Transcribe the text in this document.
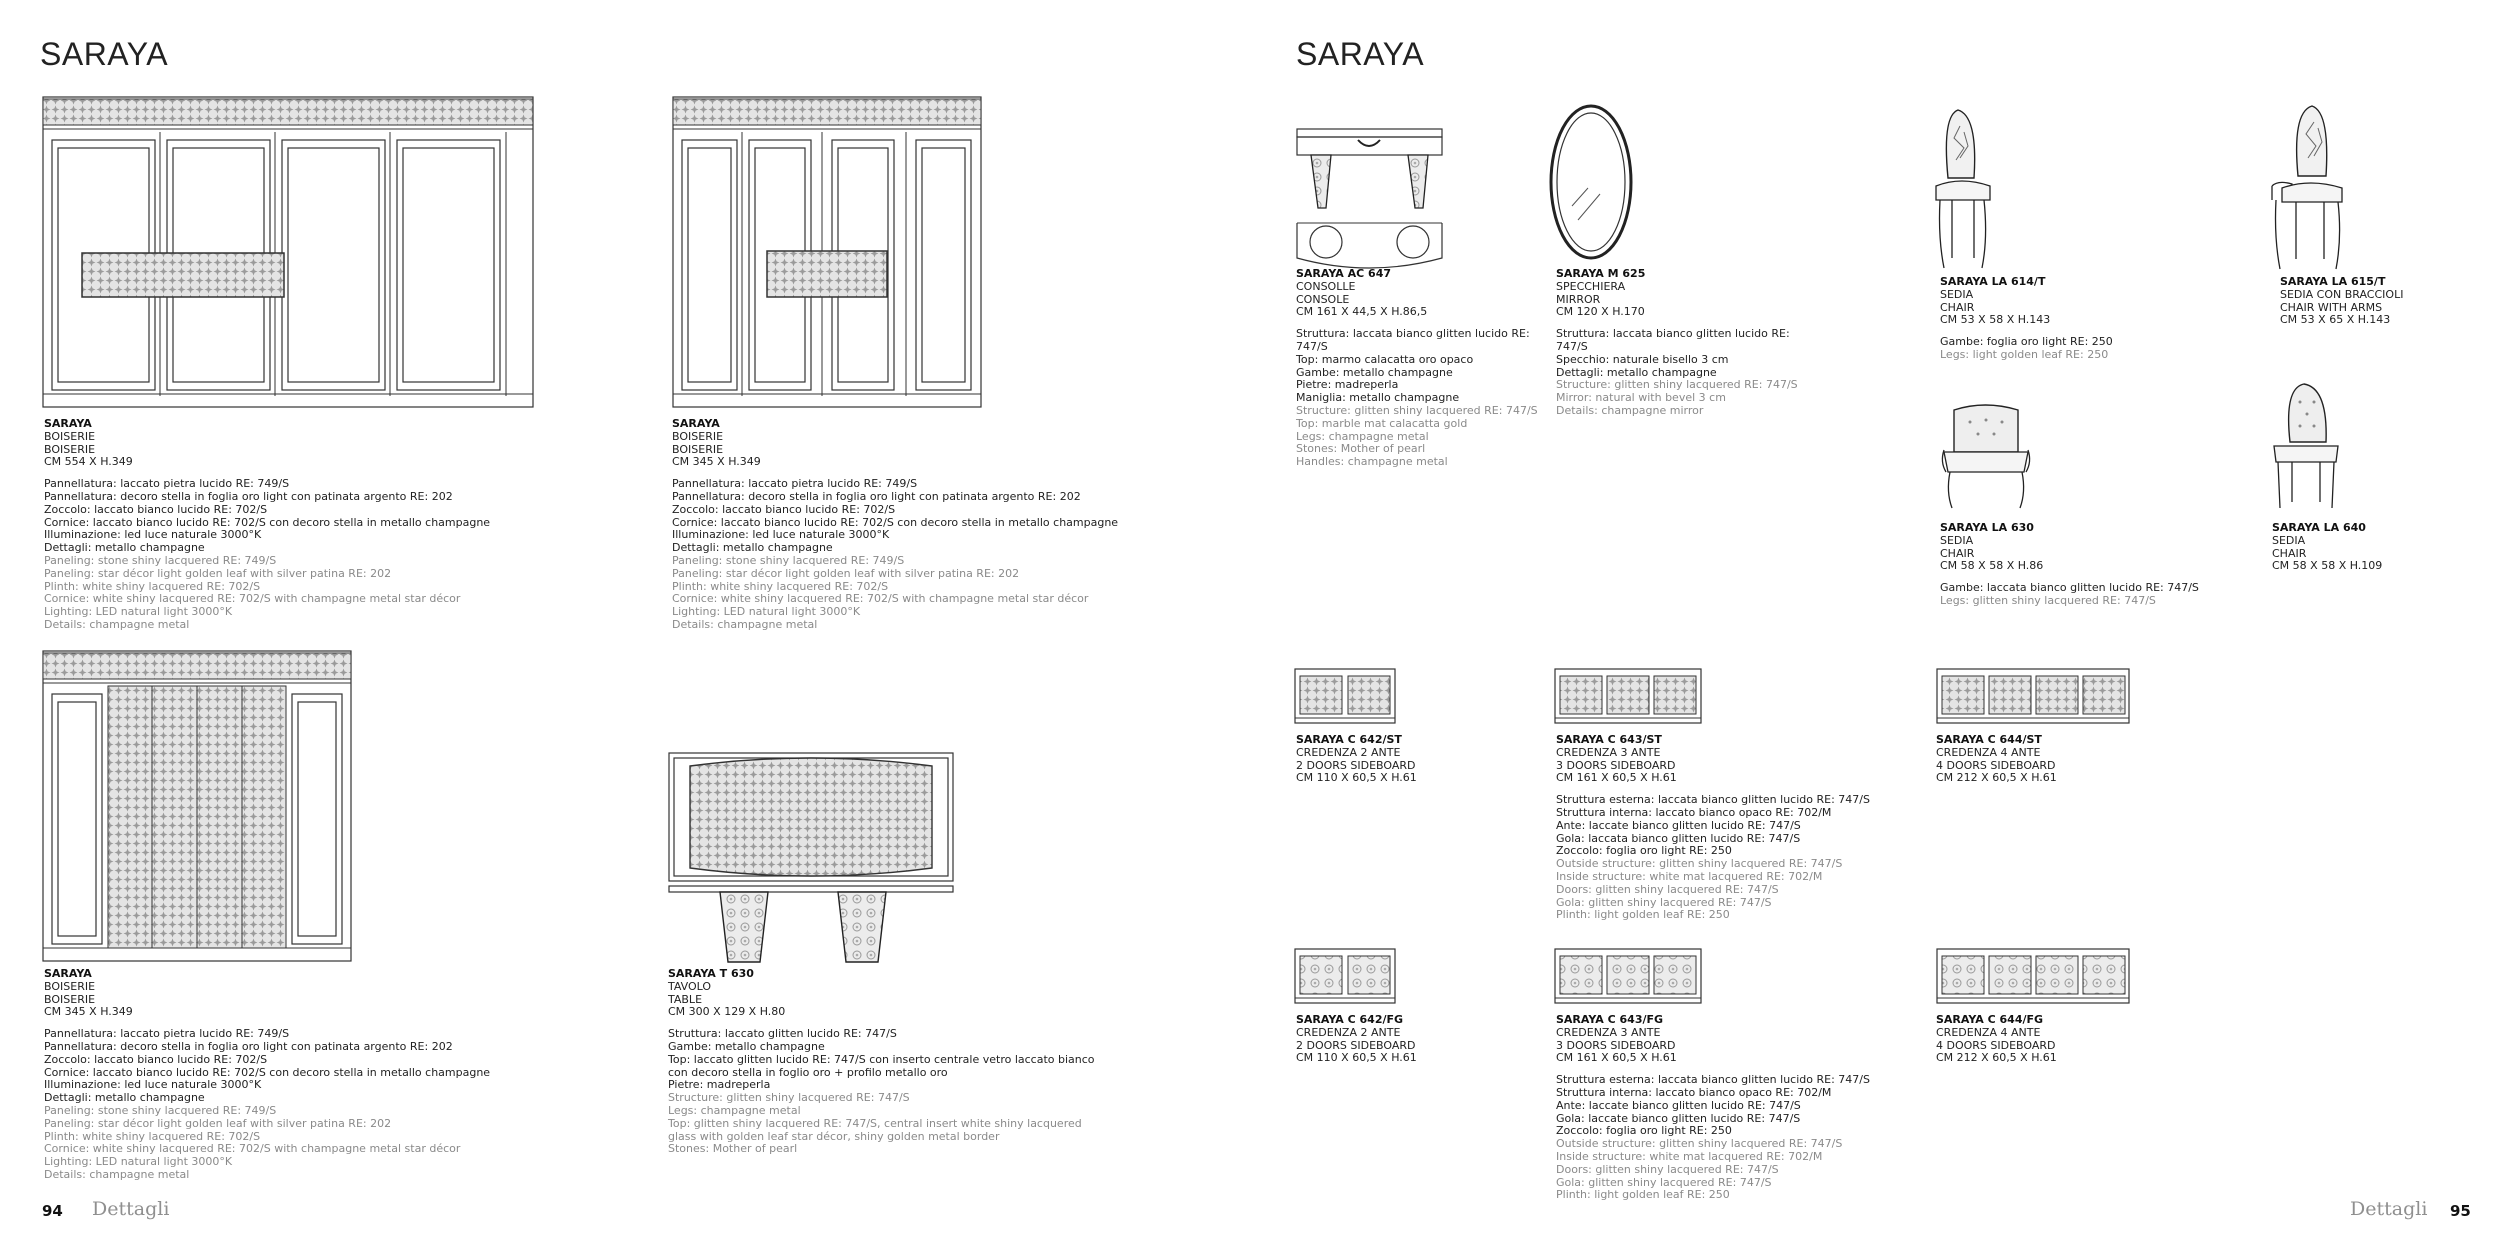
SARAYA
SARAYA
BOISERIE
BOISERIE
CM 554 X H.349
Pannellatura: laccato pietra lucido RE: 749/S
Pannellatura: decoro stella in foglia oro light con patinata argento RE: 202
Zoccolo: laccato bianco lucido RE: 702/S
Cornice: laccato bianco lucido RE: 702/S con decoro stella in metallo champagne
Illuminazione: led luce naturale 3000°K
Dettagli: metallo champagne
Paneling: stone shiny lacquered RE: 749/S
Paneling: star décor light golden leaf with silver patina RE: 202
Plinth: white shiny lacquered RE: 702/S
Cornice: white shiny lacquered RE: 702/S with champagne metal star décor
Lighting: LED natural light 3000°K
Details: champagne metal
SARAYA
BOISERIE
BOISERIE
CM 345 X H.349
Pannellatura: laccato pietra lucido RE: 749/S
Pannellatura: decoro stella in foglia oro light con patinata argento RE: 202
Zoccolo: laccato bianco lucido RE: 702/S
Cornice: laccato bianco lucido RE: 702/S con decoro stella in metallo champagne
Illuminazione: led luce naturale 3000°K
Dettagli: metallo champagne
Paneling: stone shiny lacquered RE: 749/S
Paneling: star décor light golden leaf with silver patina RE: 202
Plinth: white shiny lacquered RE: 702/S
Cornice: white shiny lacquered RE: 702/S with champagne metal star décor
Lighting: LED natural light 3000°K
Details: champagne metal
SARAYA
BOISERIE
BOISERIE
CM 345 X H.349
Pannellatura: laccato pietra lucido RE: 749/S
Pannellatura: decoro stella in foglia oro light con patinata argento RE: 202
Zoccolo: laccato bianco lucido RE: 702/S
Cornice: laccato bianco lucido RE: 702/S con decoro stella in metallo champagne
Illuminazione: led luce naturale 3000°K
Dettagli: metallo champagne
Paneling: stone shiny lacquered RE: 749/S
Paneling: star décor light golden leaf with silver patina RE: 202
Plinth: white shiny lacquered RE: 702/S
Cornice: white shiny lacquered RE: 702/S with champagne metal star décor
Lighting: LED natural light 3000°K
Details: champagne metal
SARAYA T 630
TAVOLO
TABLE
CM 300 X 129 X H.80
Struttura: laccato glitten lucido RE: 747/S
Gambe: metallo champagne
Top: laccato glitten lucido RE: 747/S con inserto centrale vetro laccato bianco
con decoro stella in foglio oro + profilo metallo oro
Pietre: madreperla
Structure: glitten shiny lacquered RE: 747/S
Legs: champagne metal
Top: glitten shiny lacquered RE: 747/S, central insert white shiny lacquered
glass with golden leaf star décor, shiny golden metal border
Stones: Mother of pearl
94 Dettagli
SARAYA
SARAYA AC 647
CONSOLLE
CONSOLE
CM 161 X 44,5 X H.86,5
Struttura: laccata bianco glitten lucido RE: 747/S
Top: marmo calacatta oro opaco
Gambe: metallo champagne
Pietre: madreperla
Maniglia: metallo champagne
Structure: glitten shiny lacquered RE: 747/S
Top: marble mat calacatta gold
Legs: champagne metal
Stones: Mother of pearl
Handles: champagne metal
SARAYA M 625
SPECCHIERA
MIRROR
CM 120 X H.170
Struttura: laccata bianco glitten lucido RE: 747/S
Specchio: naturale bisello 3 cm
Dettagli: metallo champagne
Structure: glitten shiny lacquered RE: 747/S
Mirror: natural with bevel 3 cm
Details: champagne mirror
SARAYA LA 614/T
SEDIA
CHAIR
CM 53 X 58 X H.143
Gambe: foglia oro light RE: 250
Legs: light golden leaf RE: 250
SARAYA LA 615/T
SEDIA CON BRACCIOLI
CHAIR WITH ARMS
CM 53 X 65 X H.143
SARAYA LA 630
SEDIA
CHAIR
CM 58 X 58 X H.86
Gambe: laccata bianco glitten lucido RE: 747/S
Legs: glitten shiny lacquered RE: 747/S
SARAYA LA 640
SEDIA
CHAIR
CM 58 X 58 X H.109
SARAYA C 642/ST
CREDENZA 2 ANTE
2 DOORS SIDEBOARD
CM 110 X 60,5 X H.61
SARAYA C 643/ST
CREDENZA 3 ANTE
3 DOORS SIDEBOARD
CM 161 X 60,5 X H.61
Struttura esterna: laccata bianco glitten lucido RE: 747/S
Struttura interna: laccato bianco opaco RE: 702/M
Ante: laccate bianco glitten lucido RE: 747/S
Gola: laccata bianco glitten lucido RE: 747/S
Zoccolo: foglia oro light RE: 250
Outside structure: glitten shiny lacquered RE: 747/S
Inside structure: white mat lacquered RE: 702/M
Doors: glitten shiny lacquered RE: 747/S
Gola: glitten shiny lacquered RE: 747/S
Plinth: light golden leaf RE: 250
SARAYA C 644/ST
CREDENZA 4 ANTE
4 DOORS SIDEBOARD
CM 212 X 60,5 X H.61
SARAYA C 642/FG
CREDENZA 2 ANTE
2 DOORS SIDEBOARD
CM 110 X 60,5 X H.61
SARAYA C 643/FG
CREDENZA 3 ANTE
3 DOORS SIDEBOARD
CM 161 X 60,5 X H.61
Struttura esterna: laccata bianco glitten lucido RE: 747/S
Struttura interna: laccato bianco opaco RE: 702/M
Ante: laccate bianco glitten lucido RE: 747/S
Gola: laccate bianco glitten lucido RE: 747/S
Zoccolo: foglia oro light RE: 250
Outside structure: glitten shiny lacquered RE: 747/S
Inside structure: white mat lacquered RE: 702/M
Doors: glitten shiny lacquered RE: 747/S
Gola: glitten shiny lacquered RE: 747/S
Plinth: light golden leaf RE: 250
SARAYA C 644/FG
CREDENZA 4 ANTE
4 DOORS SIDEBOARD
CM 212 X 60,5 X H.61
Dettagli 95
